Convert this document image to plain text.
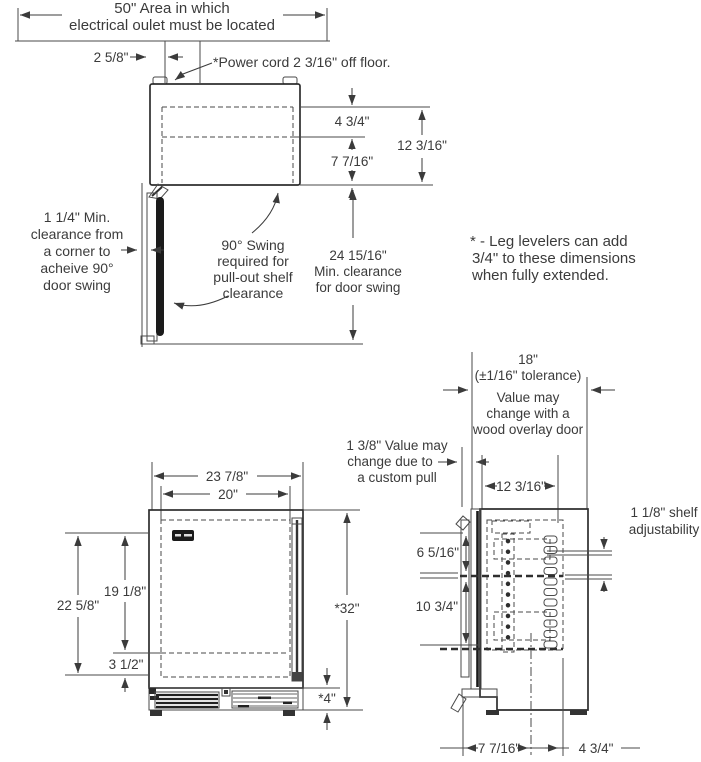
50" Area in which
electrical oulet must be located
2 5/8"	*Power cord 2 3/16" off floor.
4 3/4"
7 7/16"
12 3/16"
1 1/4" Min.
clearance from
a corner to
acheive 90°
door swing
90° Swing
required for
pull-out shelf
clearance
24 15/16"
Min. clearance
for door swing
* - Leg levelers can add
3/4" to these dimensions
when fully extended.
23 7/8"
20"
22 5/8"
19 1/8"
3 1/2"
*32"
*4"
18"
(±1/16" tolerance)
Value may
change with a
wood overlay door
1 3/8" Value may
change due to
a custom pull
12 3/16"
1 1/8" shelf
adjustability
6 5/16"
10 3/4"
7 7/16"	4 3/4"
